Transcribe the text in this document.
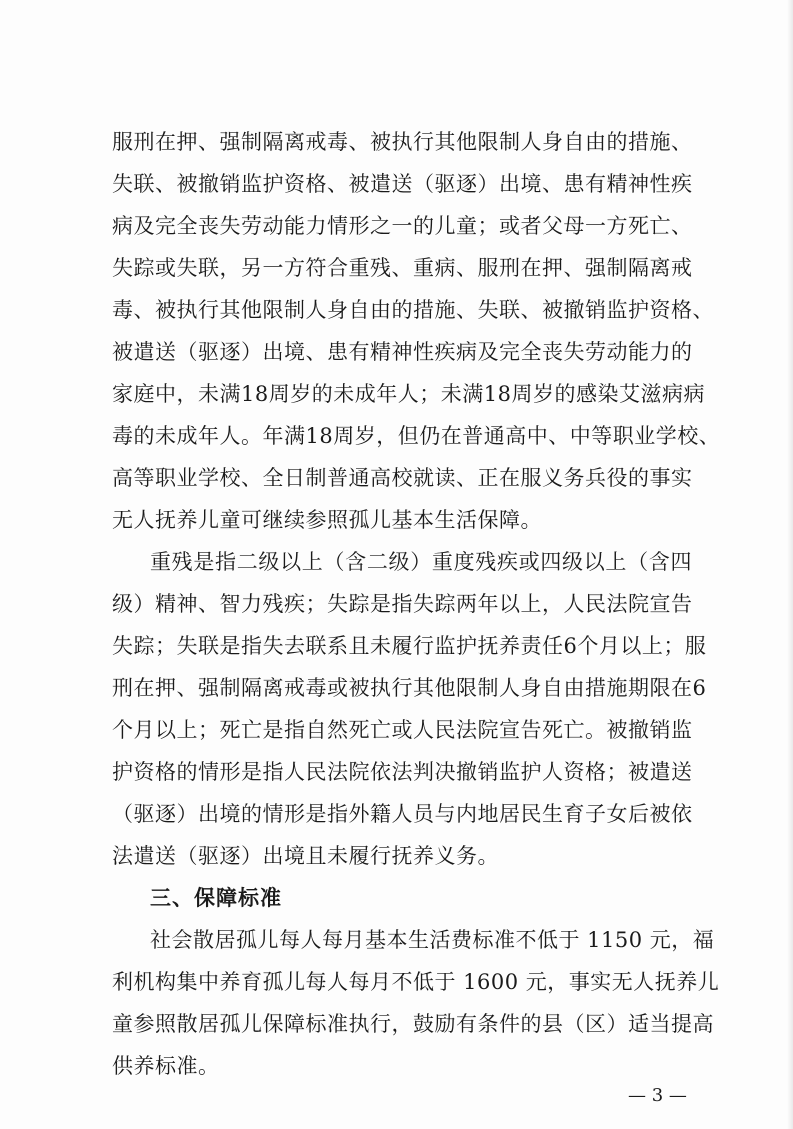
服刑在押、强制隔离戒毒、被执行其他限制人身自由的措施、
失联、被撤销监护资格、被遣送（驱逐）出境、患有精神性疾
病及完全丧失劳动能力情形之一的儿童；或者父母一方死亡、
失踪或失联，另一方符合重残、重病、服刑在押、强制隔离戒
毒、被执行其他限制人身自由的措施、失联、被撤销监护资格、
被遣送（驱逐）出境、患有精神性疾病及完全丧失劳动能力的
家庭中，未满18周岁的未成年人；未满18周岁的感染艾滋病病
毒的未成年人。年满18周岁，但仍在普通高中、中等职业学校、
高等职业学校、全日制普通高校就读、正在服义务兵役的事实
无人抚养儿童可继续参照孤儿基本生活保障。
重残是指二级以上（含二级）重度残疾或四级以上（含四
级）精神、智力残疾；失踪是指失踪两年以上，人民法院宣告
失踪；失联是指失去联系且未履行监护抚养责任6个月以上；服
刑在押、强制隔离戒毒或被执行其他限制人身自由措施期限在6
个月以上；死亡是指自然死亡或人民法院宣告死亡。被撤销监
护资格的情形是指人民法院依法判决撤销监护人资格；被遣送
（驱逐）出境的情形是指外籍人员与内地居民生育子女后被依
法遣送（驱逐）出境且未履行抚养义务。
三、保障标准
社会散居孤儿每人每月基本生活费标准不低于 1150 元，福
利机构集中养育孤儿每人每月不低于 1600 元，事实无人抚养儿
童参照散居孤儿保障标准执行，鼓励有条件的县（区）适当提高
供养标准。
— 3 —
